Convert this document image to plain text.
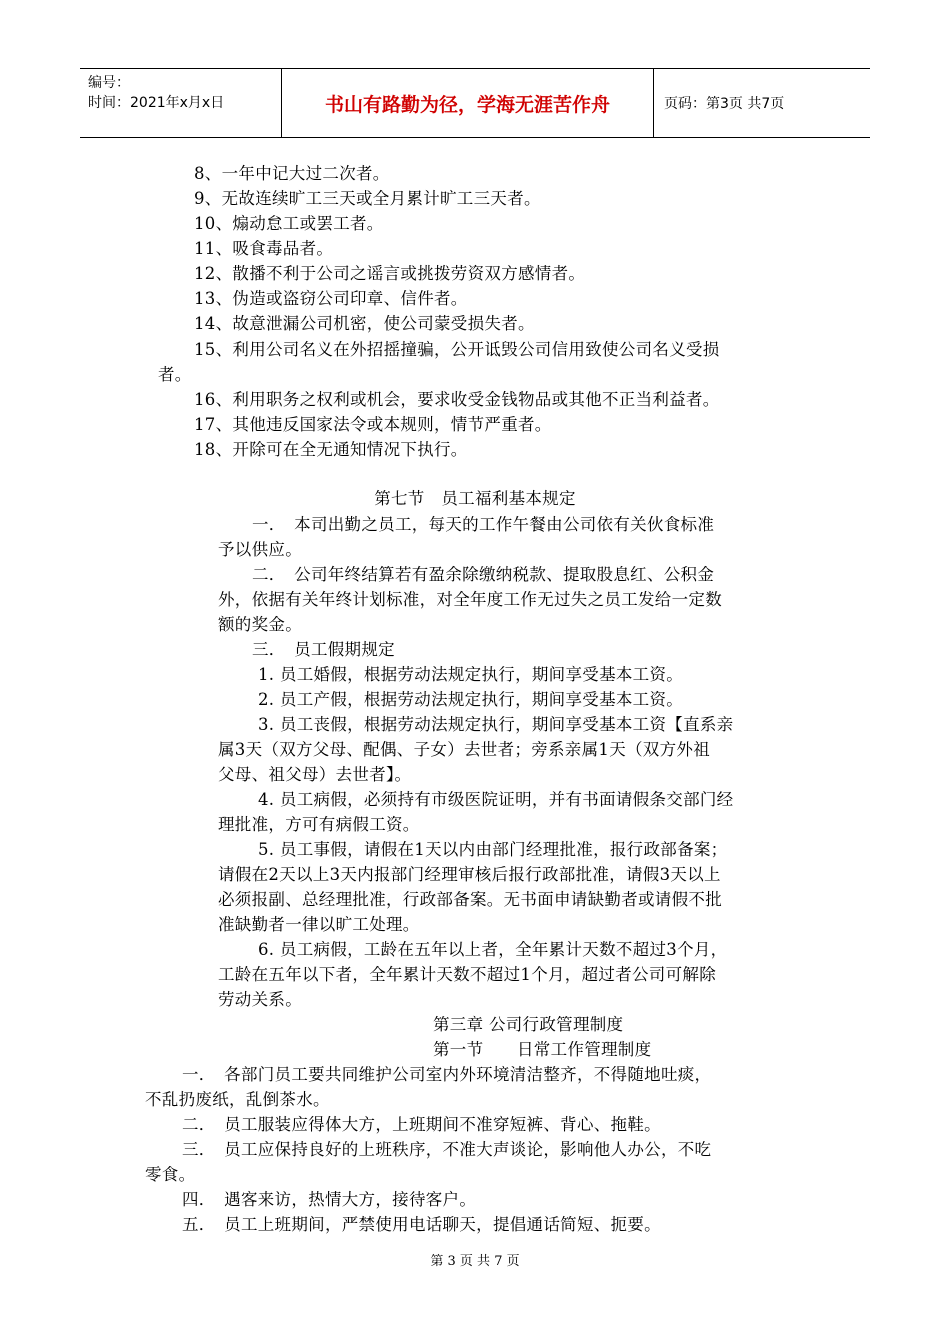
编号：
时间：2021年x月x日	书山有路勤为径，学海无涯苦作舟	页码：第3页 共7页
8、一年中记大过二次者。
9、无故连续旷工三天或全月累计旷工三天者。
10、煽动怠工或罢工者。
11、吸食毒品者。
12、散播不利于公司之谣言或挑拨劳资双方感情者。
13、伪造或盗窃公司印章、信件者。
14、故意泄漏公司机密，使公司蒙受损失者。
15、利用公司名义在外招摇撞骗，公开诋毁公司信用致使公司名义受损
者。
16、利用职务之权利或机会，要求收受金钱物品或其他不正当利益者。
17、其他违反国家法令或本规则，情节严重者。
18、开除可在全无通知情况下执行。
第七节　员工福利基本规定
一．　本司出勤之员工，每天的工作午餐由公司依有关伙食标准
予以供应。
二．　公司年终结算若有盈余除缴纳税款、提取股息红、公积金
外，依据有关年终计划标准，对全年度工作无过失之员工发给一定数
额的奖金。
三．　员工假期规定
1. 员工婚假，根据劳动法规定执行，期间享受基本工资。
2. 员工产假，根据劳动法规定执行，期间享受基本工资。
3. 员工丧假，根据劳动法规定执行，期间享受基本工资【直系亲
属3天（双方父母、配偶、子女）去世者；旁系亲属1天（双方外祖
父母、祖父母）去世者】。
4. 员工病假，必须持有市级医院证明，并有书面请假条交部门经
理批准，方可有病假工资。
5. 员工事假，请假在1天以内由部门经理批准，报行政部备案；
请假在2天以上3天内报部门经理审核后报行政部批准，请假3天以上
必须报副、总经理批准，行政部备案。无书面申请缺勤者或请假不批
准缺勤者一律以旷工处理。
6. 员工病假，工龄在五年以上者，全年累计天数不超过3个月，
工龄在五年以下者，全年累计天数不超过1个月，超过者公司可解除
劳动关系。
第三章 公司行政管理制度
第一节　　日常工作管理制度
一．　各部门员工要共同维护公司室内外环境清洁整齐，不得随地吐痰，
不乱扔废纸，乱倒茶水。
二．　员工服装应得体大方，上班期间不准穿短裤、背心、拖鞋。
三．　员工应保持良好的上班秩序，不准大声谈论，影响他人办公，不吃
零食。
四．　遇客来访，热情大方，接待客户。
五．　员工上班期间，严禁使用电话聊天，提倡通话简短、扼要。
第 3 页 共 7 页
